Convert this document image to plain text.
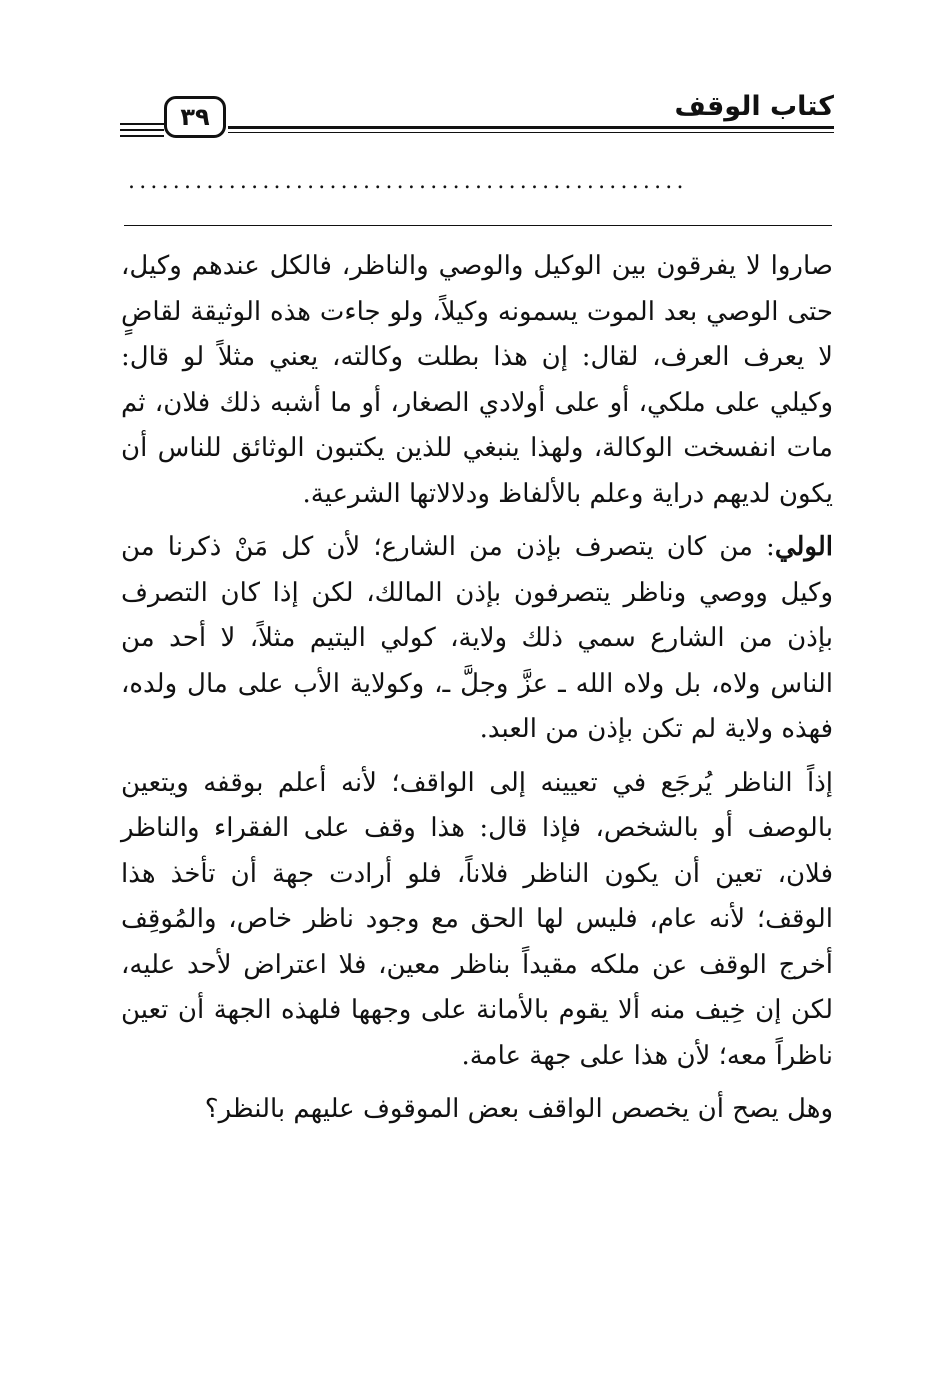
كتاب الوقف
٣٩
..................................................

صاروا لا يفرقون بين الوكيل والوصي والناظر، فالكل عندهم وكيل، حتى الوصي بعد الموت يسمونه وكيلاً، ولو جاءت هذه الوثيقة لقاضٍ لا يعرف العرف، لقال: إن هذا بطلت وكالته، يعني مثلاً لو قال: وكيلي على ملكي، أو على أولادي الصغار، أو ما أشبه ذلك فلان، ثم مات انفسخت الوكالة، ولهذا ينبغي للذين يكتبون الوثائق للناس أن يكون لديهم دراية وعلم بالألفاظ ودلالاتها الشرعية.

الولي: من كان يتصرف بإذن من الشارع؛ لأن كل مَنْ ذكرنا من وكيل ووصي وناظر يتصرفون بإذن المالك، لكن إذا كان التصرف بإذن من الشارع سمي ذلك ولاية، كولي اليتيم مثلاً، لا أحد من الناس ولاه، بل ولاه الله ـ عزَّ وجلَّ ـ، وكولاية الأب على مال ولده، فهذه ولاية لم تكن بإذن من العبد.

إذاً الناظر يُرجَع في تعيينه إلى الواقف؛ لأنه أعلم بوقفه ويتعين بالوصف أو بالشخص، فإذا قال: هذا وقف على الفقراء والناظر فلان، تعين أن يكون الناظر فلاناً، فلو أرادت جهة أن تأخذ هذا الوقف؛ لأنه عام، فليس لها الحق مع وجود ناظر خاص، والمُوقِف أخرج الوقف عن ملكه مقيداً بناظر معين، فلا اعتراض لأحد عليه، لكن إن خِيف منه ألا يقوم بالأمانة على وجهها فلهذه الجهة أن تعين ناظراً معه؛ لأن هذا على جهة عامة.

وهل يصح أن يخصص الواقف بعض الموقوف عليهم بالنظر؟
